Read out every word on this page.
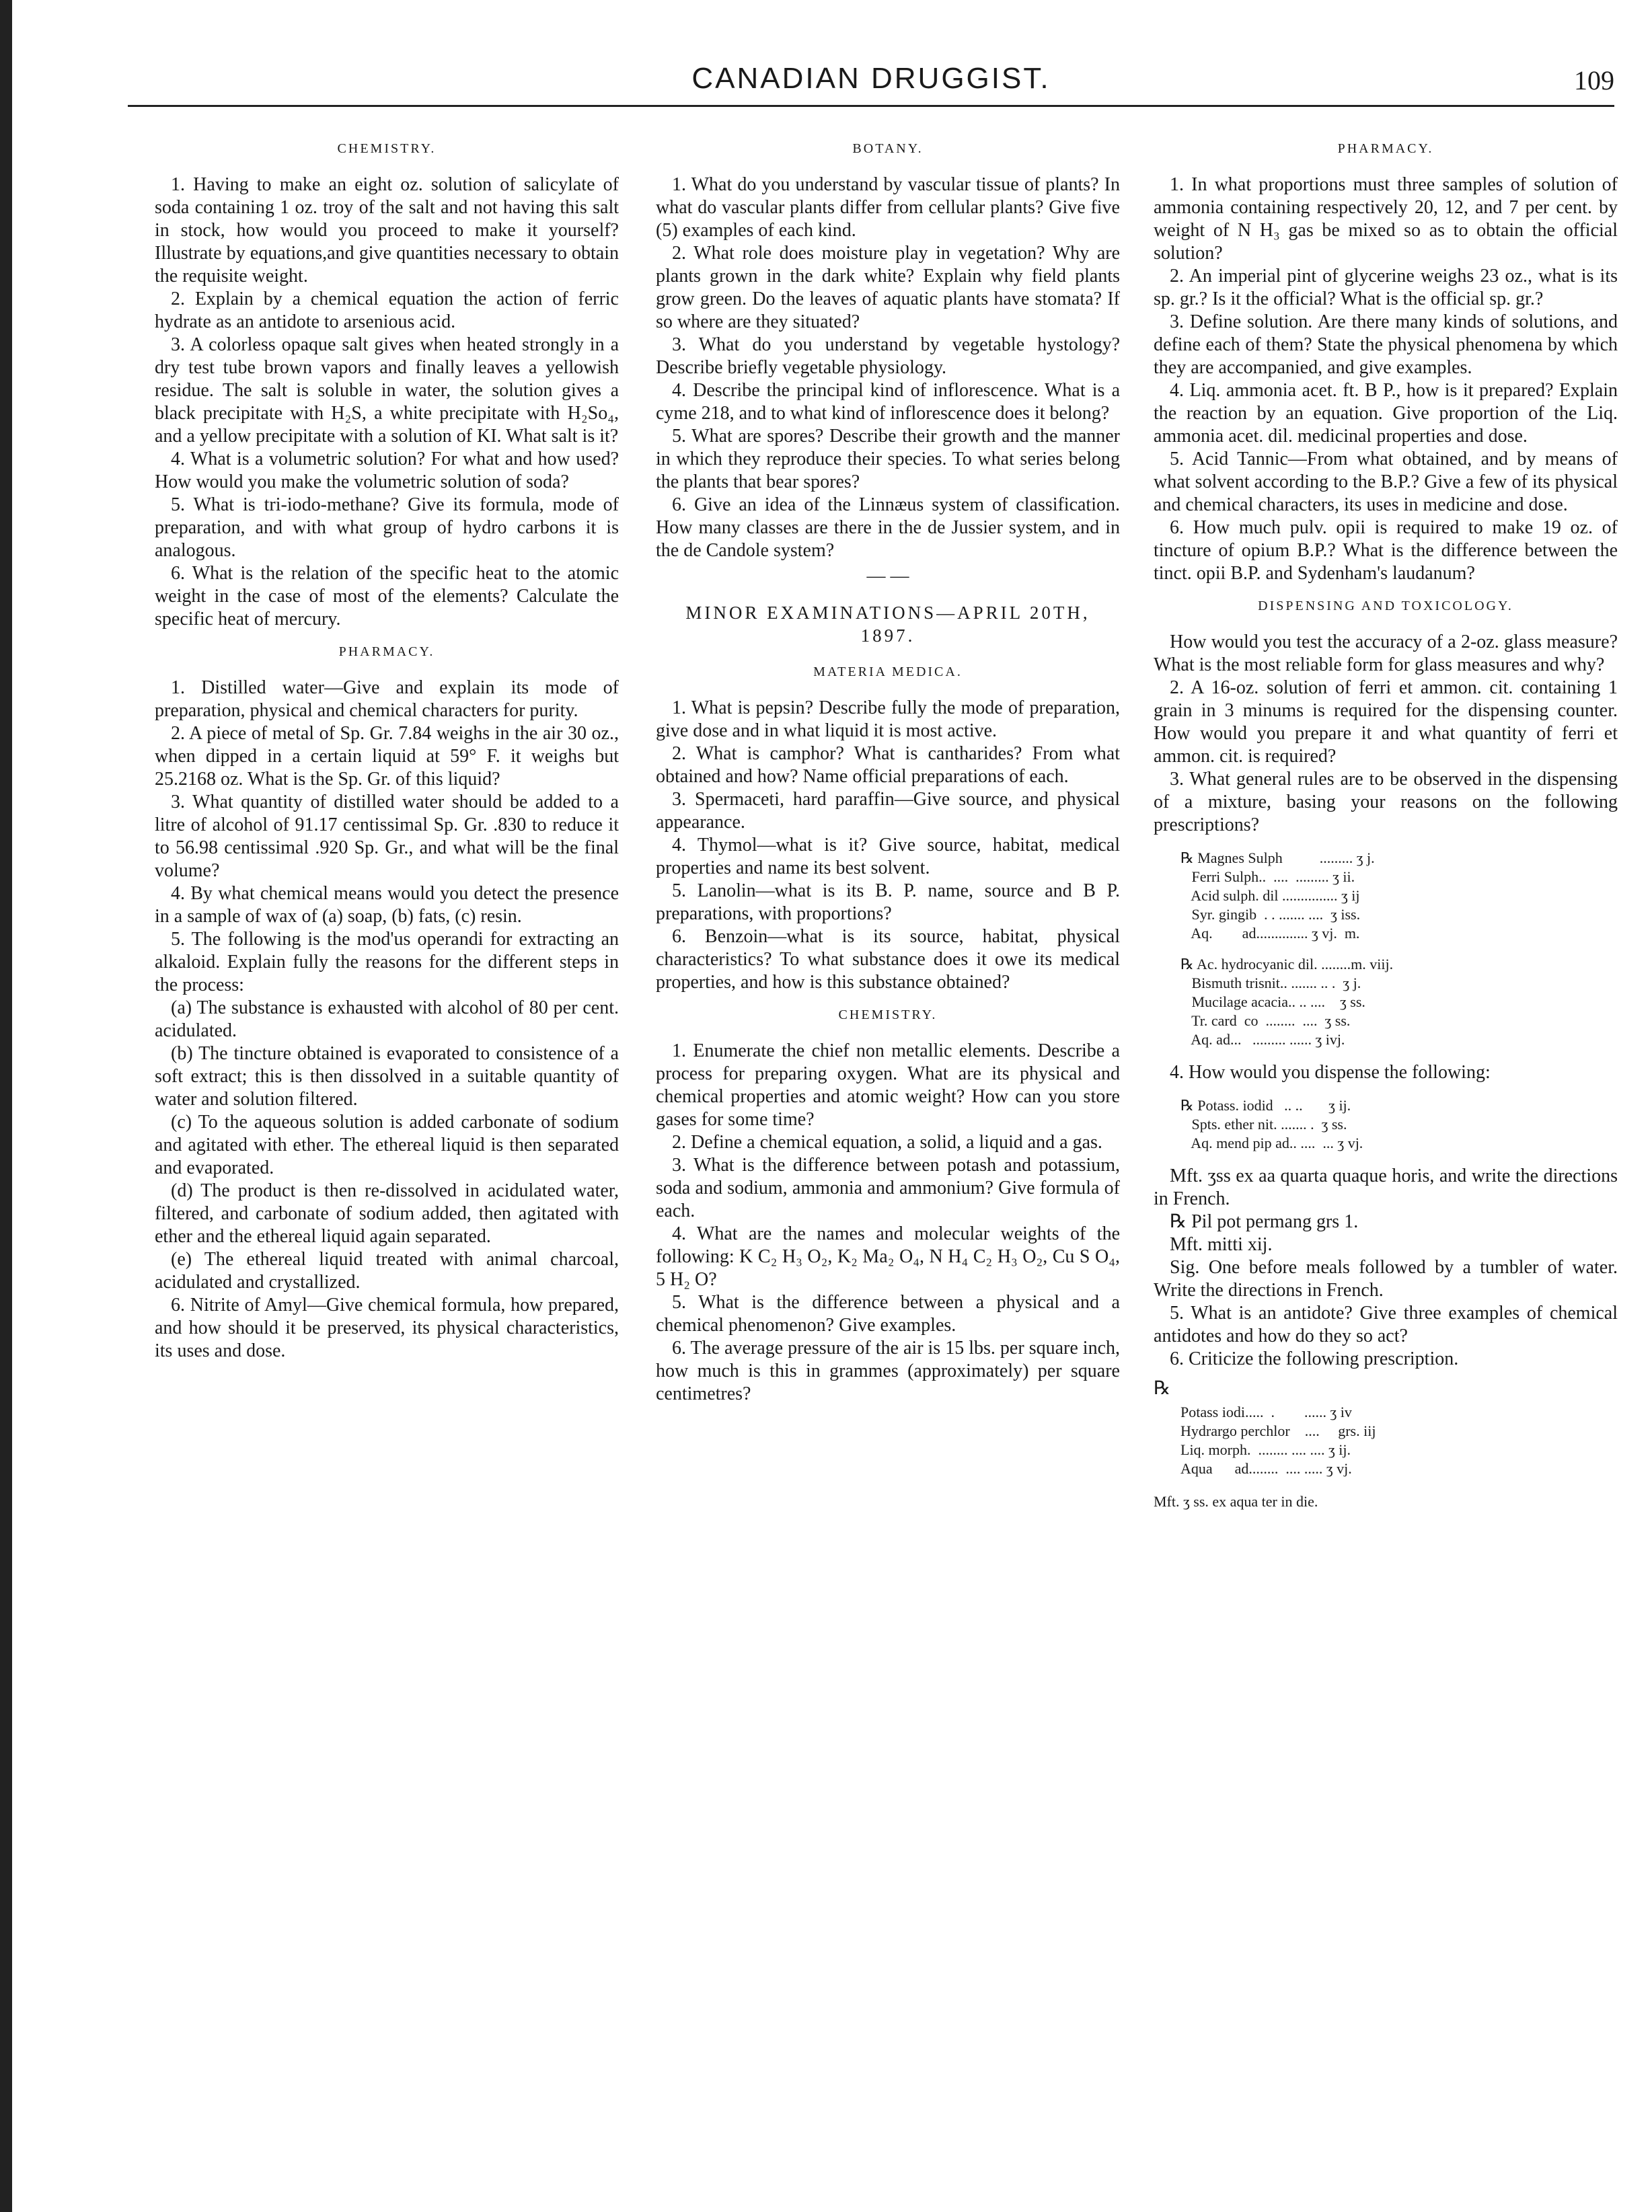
CANADIAN DRUGGIST.	109
CHEMISTRY.

1. Having to make an eight oz. solution of salicylate of soda containing 1 oz. troy of the salt and not having this salt in stock, how would you proceed to make it yourself? Illustrate by equations,and give quantities necessary to obtain the requisite weight.

2. Explain by a chemical equation the action of ferric hydrate as an antidote to arsenious acid.

3. A colorless opaque salt gives when heated strongly in a dry test tube brown vapors and finally leaves a yellowish residue. The salt is soluble in water, the solution gives a black precipitate with H₂S, a white precipitate with H₂So₄, and a yellow precipitate with a solution of KI. What salt is it?

4. What is a volumetric solution? For what and how used? How would you make the volumetric solution of soda?

5. What is tri-iodo-methane? Give its formula, mode of preparation, and with what group of hydro carbons it is analogous.

6. What is the relation of the specific heat to the atomic weight in the case of most of the elements? Calculate the specific heat of mercury.

PHARMACY.

1. Distilled water—Give and explain its mode of preparation, physical and chemical characters for purity.

2. A piece of metal of Sp. Gr. 7.84 weighs in the air 30 oz., when dipped in a certain liquid at 59° F. it weighs but 25.2168 oz. What is the Sp. Gr. of this liquid?

3. What quantity of distilled water should be added to a litre of alcohol of 91.17 centissimal Sp. Gr. .830 to reduce it to 56.98 centissimal .920 Sp. Gr., and what will be the final volume?

4. By what chemical means would you detect the presence in a sample of wax of (a) soap, (b) fats, (c) resin.

5. The following is the mod'us operandi for extracting an alkaloid. Explain fully the reasons for the different steps in the process:

(a) The substance is exhausted with alcohol of 80 per cent. acidulated.

(b) The tincture obtained is evaporated to consistence of a soft extract; this is then dissolved in a suitable quantity of water and solution filtered.

(c) To the aqueous solution is added carbonate of sodium and agitated with ether. The ethereal liquid is then separated and evaporated.

(d) The product is then re-dissolved in acidulated water, filtered, and carbonate of sodium added, then agitated with ether and the ethereal liquid again separated.

(e) The ethereal liquid treated with animal charcoal, acidulated and crystallized.

6. Nitrite of Amyl—Give chemical formula, how prepared, and how should it be preserved, its physical characteristics, its uses and dose.

BOTANY.

1. What do you understand by vascular tissue of plants? In what do vascular plants differ from cellular plants? Give five (5) examples of each kind.

2. What role does moisture play in vegetation? Why are plants grown in the dark white? Explain why field plants grow green. Do the leaves of aquatic plants have stomata? If so where are they situated?

3. What do you understand by vegetable hystology? Describe briefly vegetable physiology.

4. Describe the principal kind of inflorescence. What is a cyme 218, and to what kind of inflorescence does it belong?

5. What are spores? Describe their growth and the manner in which they reproduce their species. To what series belong the plants that bear spores?

6. Give an idea of the Linnæus system of classification. How many classes are there in the de Jussier system, and in the de Candole system?

— —
MINOR EXAMINATIONS—APRIL 20TH, 1897.
MATERIA MEDICA.

1. What is pepsin? Describe fully the mode of preparation, give dose and in what liquid it is most active.

2. What is camphor? What is cantharides? From what obtained and how? Name official preparations of each.

3. Spermaceti, hard paraffin—Give source, and physical appearance.

4. Thymol—what is it? Give source, habitat, medical properties and name its best solvent.

5. Lanolin—what is its B. P. name, source and B P. preparations, with proportions?

6. Benzoin—what is its source, habitat, physical characteristics? To what substance does it owe its medical properties, and how is this substance obtained?

CHEMISTRY.

1. Enumerate the chief non metallic elements. Describe a process for preparing oxygen. What are its physical and chemical properties and atomic weight? How can you store gases for some time?

2. Define a chemical equation, a solid, a liquid and a gas.

3. What is the difference between potash and potassium, soda and sodium, ammonia and ammonium? Give formula of each.

4. What are the names and molecular weights of the following: K C₂ H₃ O₂, K₂ Ma₂ O₄, N H₄ C₂ H₃ O₂, Cu S O₄, 5 H₂ O?

5. What is the difference between a physical and a chemical phenomenon? Give examples.

6. The average pressure of the air is 15 lbs. per square inch, how much is this in grammes (approximately) per square centimetres?

PHARMACY.

1. In what proportions must three samples of solution of ammonia containing respectively 20, 12, and 7 per cent. by weight of N H₃ gas be mixed so as to obtain the official solution?

2. An imperial pint of glycerine weighs 23 oz., what is its sp. gr.? Is it the official? What is the official sp. gr.?

3. Define solution. Are there many kinds of solutions, and define each of them? State the physical phenomena by which they are accompanied, and give examples.

4. Liq. ammonia acet. ft. B P., how is it prepared? Explain the reaction by an equation. Give proportion of the Liq. ammonia acet. dil. medicinal properties and dose.

5. Acid Tannic—From what obtained, and by means of what solvent according to the B.P.? Give a few of its physical and chemical characters, its uses in medicine and dose.

6. How much pulv. opii is required to make 19 oz. of tincture of opium B.P.? What is the difference between the tinct. opii B.P. and Sydenham's laudanum?

DISPENSING AND TOXICOLOGY.

How would you test the accuracy of a 2-oz. glass measure? What is the most reliable form for glass measures and why?

2. A 16-oz. solution of ferri et ammon. cit. containing 1 grain in 3 minums is required for the dispensing counter. How would you prepare it and what quantity of ferri et ammon. cit. is required?

3. What general rules are to be observed in the dispensing of a mixture, basing your reasons on the following prescriptions?

℞ Magnes Sulph          ......... ʒ j.
Ferri Sulph..  ....  ......... ʒ ii.
Acid sulph. dil ............... ʒ ij
Syr. gingib  . . ....... ....  ʒ iss.
Aq.        ad.............. ʒ vj.  m.
℞ Ac. hydrocyanic dil. ........m. viij.
Bismuth trisnit.. ....... .. .  ʒ j.
Mucilage acacia.. .. ....    ʒ ss.
Tr. card  co  ........  ....  ʒ ss.
Aq. ad...   ......... ...... ʒ ivj.

4. How would you dispense the following:

℞ Potass. iodid   .. ..       ʒ ij.
Spts. ether nit. ....... .  ʒ ss.
Aq. mend pip ad.. ....  ... ʒ vj.

Mft. ʒss ex aa quarta quaque horis, and write the directions in French.

℞ Pil pot permang grs 1.

Mft. mitti xij.

Sig. One before meals followed by a tumbler of water. Write the directions in French.

5. What is an antidote? Give three examples of chemical antidotes and how do they so act?

6. Criticize the following prescription.

℞

Potass iodi.....  .        ...... ʒ iv
Hydrargo perchlor    ....     grs. iij
Liq. morph.  ........ .... .... ʒ ij.
Aqua      ad........  .... ..... ʒ vj.

Mft. ʒ ss. ex aqua ter in die.
